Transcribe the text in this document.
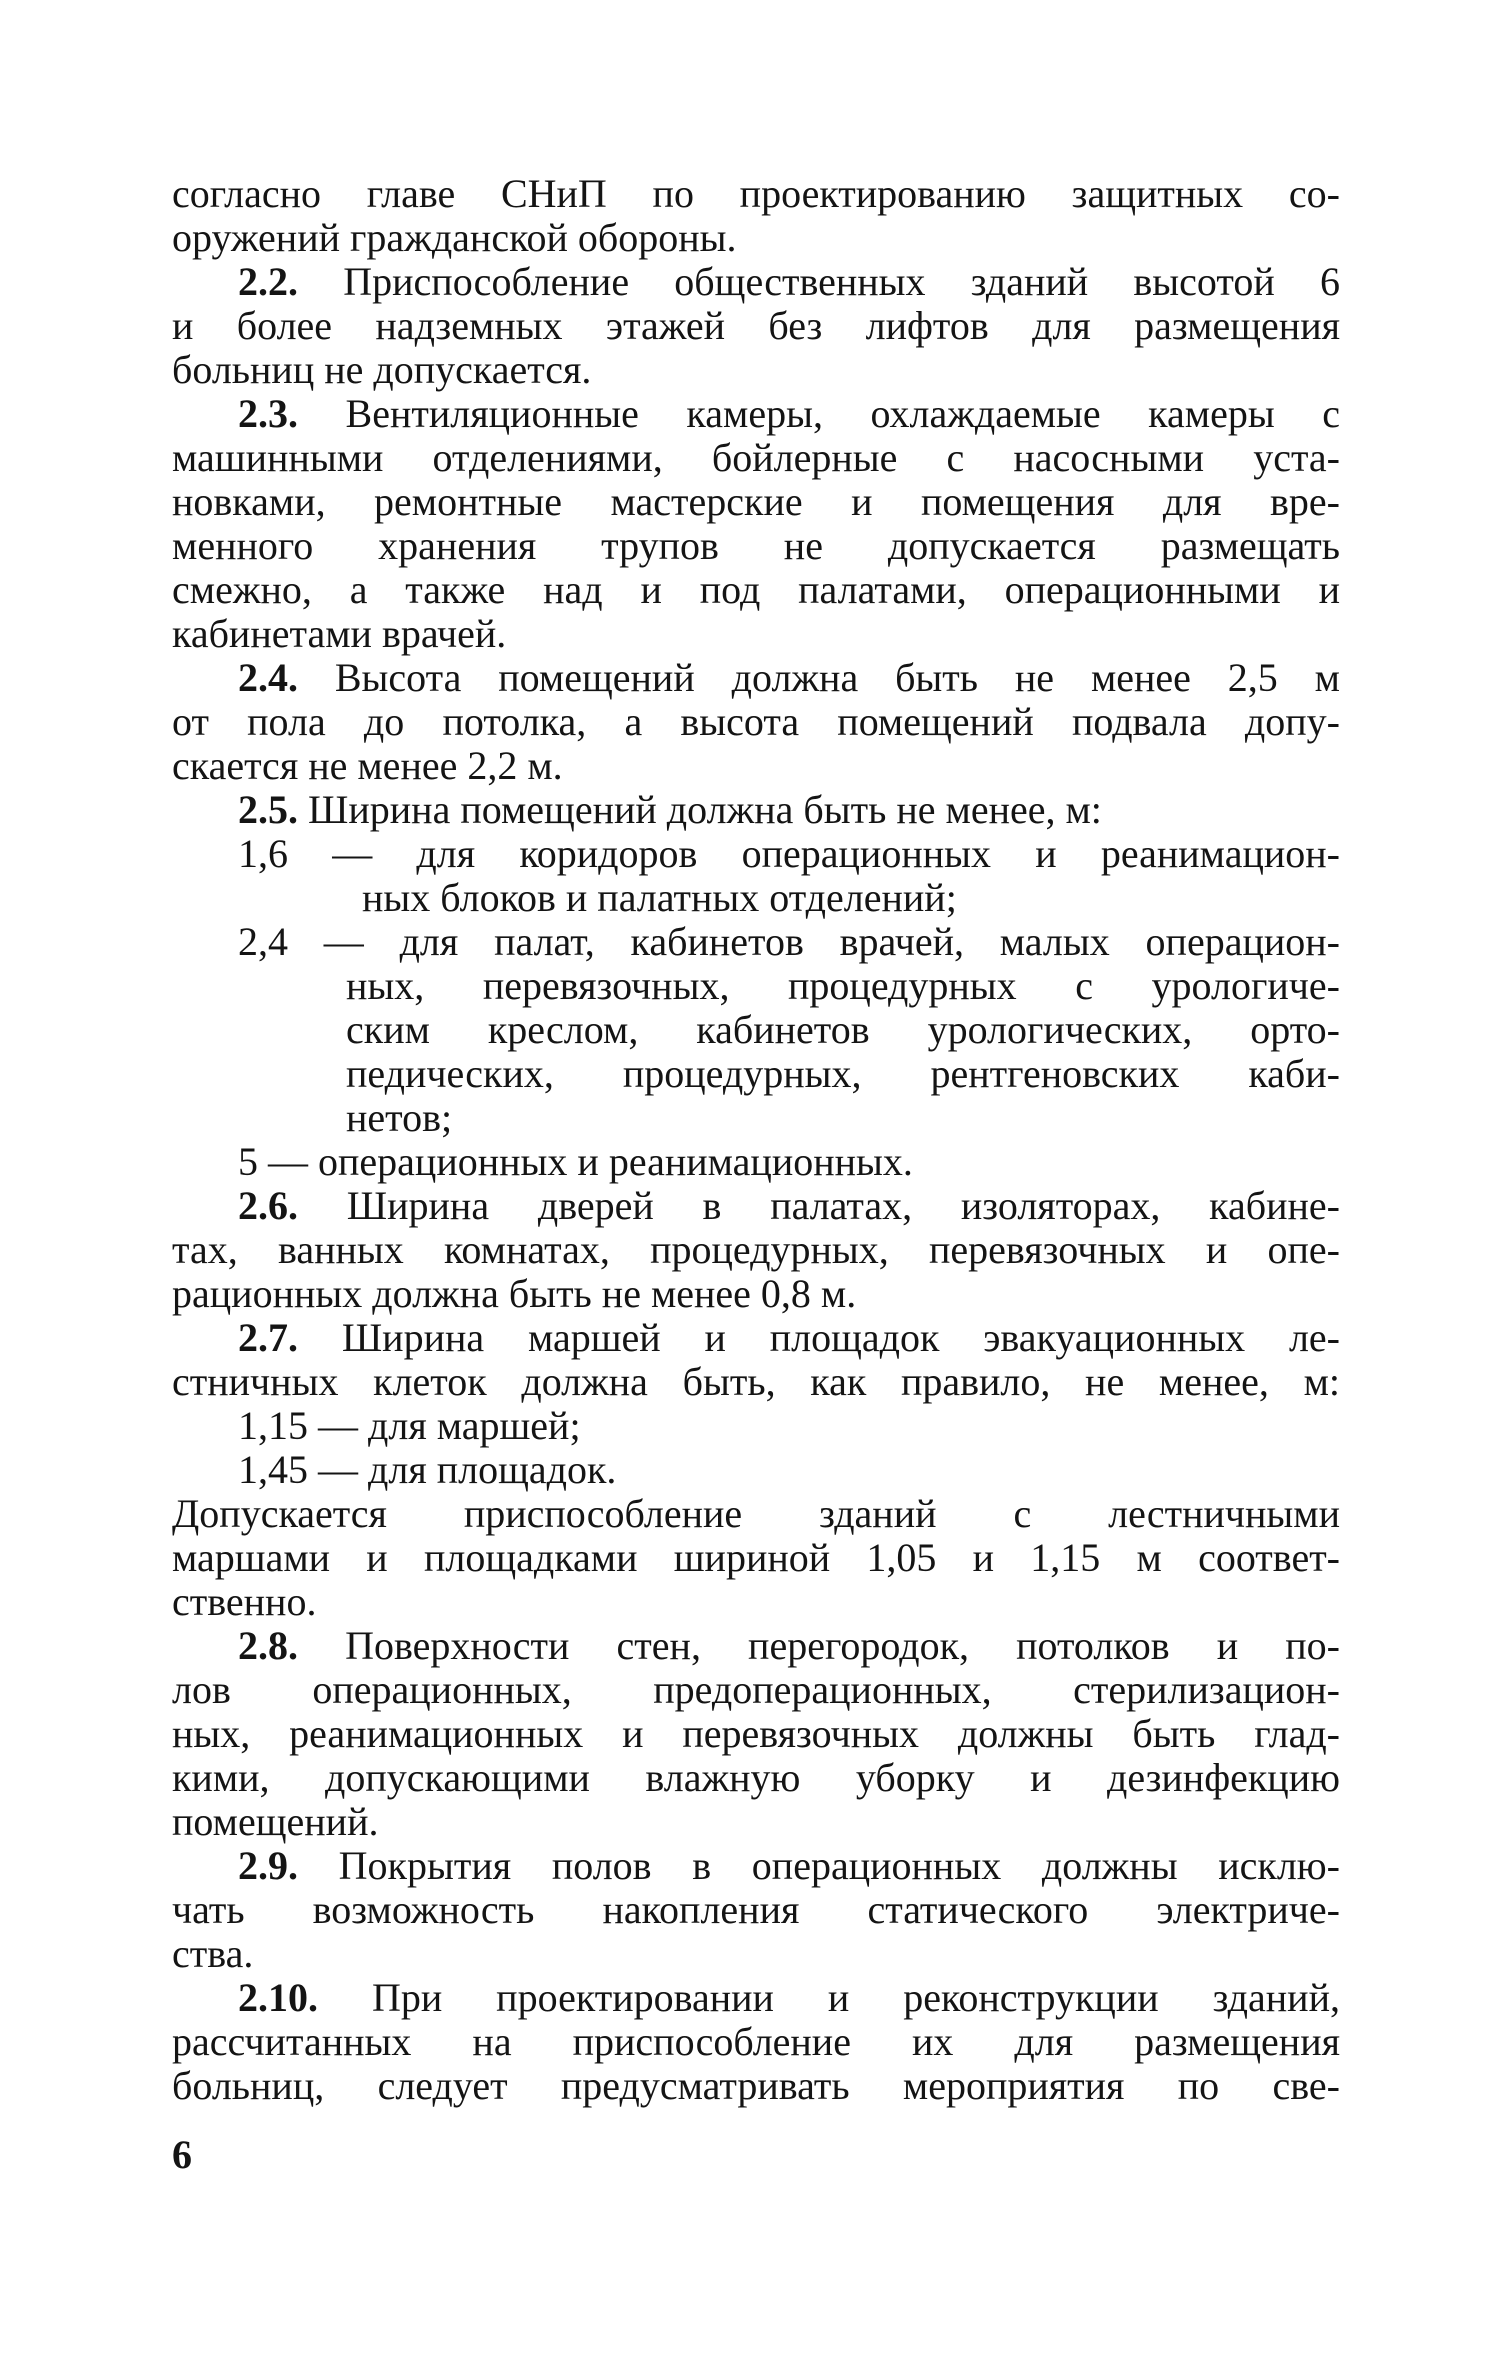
согласно главе СНиП по проектированию защитных со-
оружений гражданской обороны.
2.2. Приспособление общественных зданий высотой 6
и более надземных этажей без лифтов для размещения
больниц не допускается.
2.3. Вентиляционные камеры, охлаждаемые камеры с
машинными отделениями, бойлерные с насосными уста-
новками, ремонтные мастерские и помещения для вре-
менного хранения трупов не допускается размещать
смежно, а также над и под палатами, операционными и
кабинетами врачей.
2.4. Высота помещений должна быть не менее 2,5 м
от пола до потолка, а высота помещений подвала допу-
скается не менее 2,2 м.
2.5. Ширина помещений должна быть не менее, м:
1,6 — для коридоров операционных и реанимацион-
ных блоков и палатных отделений;
2,4 — для палат, кабинетов врачей, малых операцион-
ных, перевязочных, процедурных с урологиче-
ским креслом, кабинетов урологических, орто-
педических, процедурных, рентгеновских каби-
нетов;
5 — операционных и реанимационных.
2.6. Ширина дверей в палатах, изоляторах, кабине-
тах, ванных комнатах, процедурных, перевязочных и опе-
рационных должна быть не менее 0,8 м.
2.7. Ширина маршей и площадок эвакуационных ле-
стничных клеток должна быть, как правило, не менее, м:
1,15 — для маршей;
1,45 — для площадок.
Допускается приспособление зданий с лестничными
маршами и площадками шириной 1,05 и 1,15 м соответ-
ственно.
2.8. Поверхности стен, перегородок, потолков и по-
лов операционных, предоперационных, стерилизацион-
ных, реанимационных и перевязочных должны быть глад-
кими, допускающими влажную уборку и дезинфекцию
помещений.
2.9. Покрытия полов в операционных должны исклю-
чать возможность накопления статического электриче-
ства.
2.10. При проектировании и реконструкции зданий,
рассчитанных на приспособление их для размещения
больниц, следует предусматривать мероприятия по све-
6
